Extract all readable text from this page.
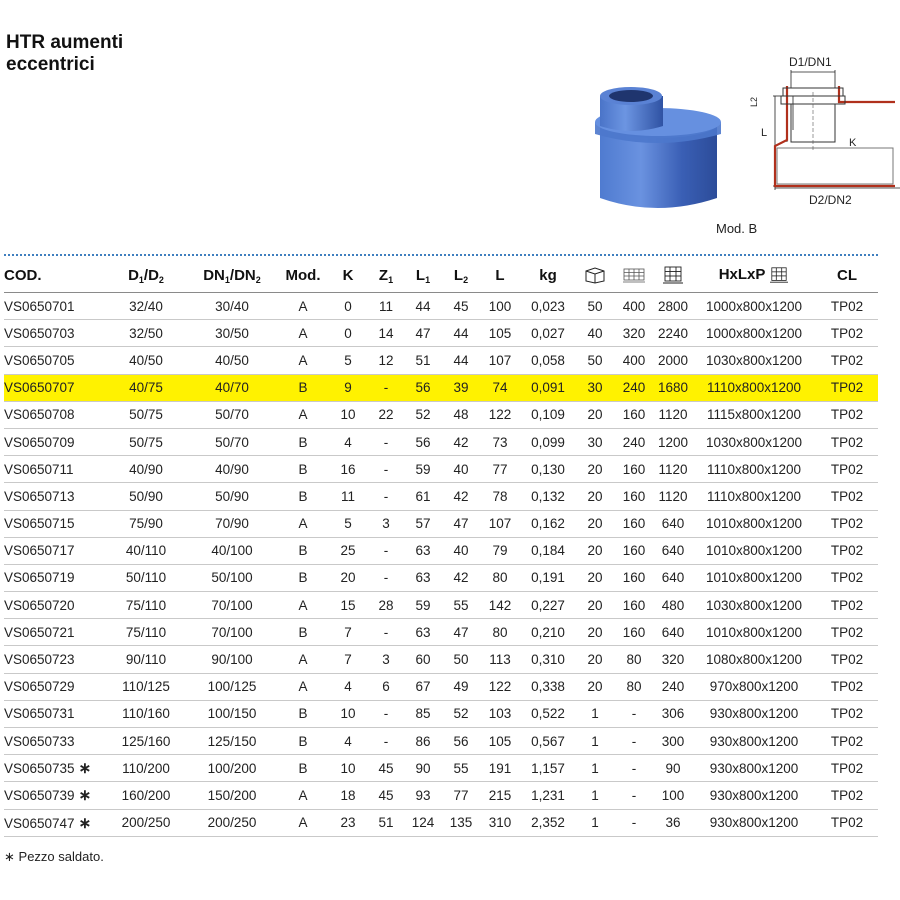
HTR aumenti
eccentrici	D1/DN1
L
L2
K
D2/DN2
Mod. B
COD.	$D_1/D_2$	$DN_1/DN_2$	Mod.	K	$Z_1$	$L_1$	$L_2$	L	kg				HxLxP	CL
VS0650701	32/40	30/40	A	0	11	44	45	100	0,023	50	400	2800	1000x800x1200	TP02
VS0650703	32/50	30/50	A	0	14	47	44	105	0,027	40	320	2240	1000x800x1200	TP02
VS0650705	40/50	40/50	A	5	12	51	44	107	0,058	50	400	2000	1030x800x1200	TP02
VS0650707	40/75	40/70	B	9	-	56	39	74	0,091	30	240	1680	1110x800x1200	TP02
VS0650708	50/75	50/70	A	10	22	52	48	122	0,109	20	160	1120	1115x800x1200	TP02
VS0650709	50/75	50/70	B	4	-	56	42	73	0,099	30	240	1200	1030x800x1200	TP02
VS0650711	40/90	40/90	B	16	-	59	40	77	0,130	20	160	1120	1110x800x1200	TP02
VS0650713	50/90	50/90	B	11	-	61	42	78	0,132	20	160	1120	1110x800x1200	TP02
VS0650715	75/90	70/90	A	5	3	57	47	107	0,162	20	160	640	1010x800x1200	TP02
VS0650717	40/110	40/100	B	25	-	63	40	79	0,184	20	160	640	1010x800x1200	TP02
VS0650719	50/110	50/100	B	20	-	63	42	80	0,191	20	160	640	1010x800x1200	TP02
VS0650720	75/110	70/100	A	15	28	59	55	142	0,227	20	160	480	1030x800x1200	TP02
VS0650721	75/110	70/100	B	7	-	63	47	80	0,210	20	160	640	1010x800x1200	TP02
VS0650723	90/110	90/100	A	7	3	60	50	113	0,310	20	80	320	1080x800x1200	TP02
VS0650729	110/125	100/125	A	4	6	67	49	122	0,338	20	80	240	970x800x1200	TP02
VS0650731	110/160	100/150	B	10	-	85	52	103	0,522	1	-	306	930x800x1200	TP02
VS0650733	125/160	125/150	B	4	-	86	56	105	0,567	1	-	300	930x800x1200	TP02
VS0650735 ∗	110/200	100/200	B	10	45	90	55	191	1,157	1	-	90	930x800x1200	TP02
VS0650739 ∗	160/200	150/200	A	18	45	93	77	215	1,231	1	-	100	930x800x1200	TP02
VS0650747 ∗	200/250	200/250	A	23	51	124	135	310	2,352	1	-	36	930x800x1200	TP02
∗ Pezzo saldato.
